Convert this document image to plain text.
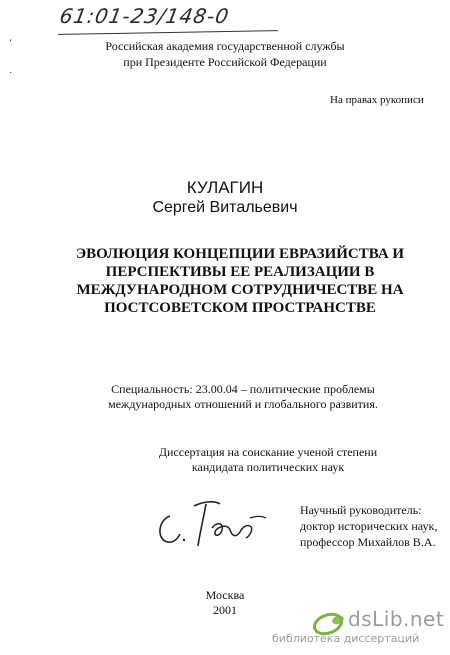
61:01-23/148-0
‘
·
Российская академия государственной службы
при Президенте Российской Федерации
На правах рукописи
КУЛАГИН
Сергей Витальевич
ЭВОЛЮЦИЯ КОНЦЕПЦИИ ЕВРАЗИЙСТВА И
ПЕРСПЕКТИВЫ ЕЕ РЕАЛИЗАЦИИ В
МЕЖДУНАРОДНОМ СОТРУДНИЧЕСТВЕ НА
ПОСТСОВЕТСКОМ ПРОСТРАНСТВЕ
Специальность: 23.00.04 – политические проблемы
международных отношений и глобального развития.
Диссертация на соискание ученой степени
кандидата политических наук
Научный руководитель:
доктор исторических наук,
профессор Михайлов В.А.
Москва
2001	dsLib.net
библиотека диссертаций
